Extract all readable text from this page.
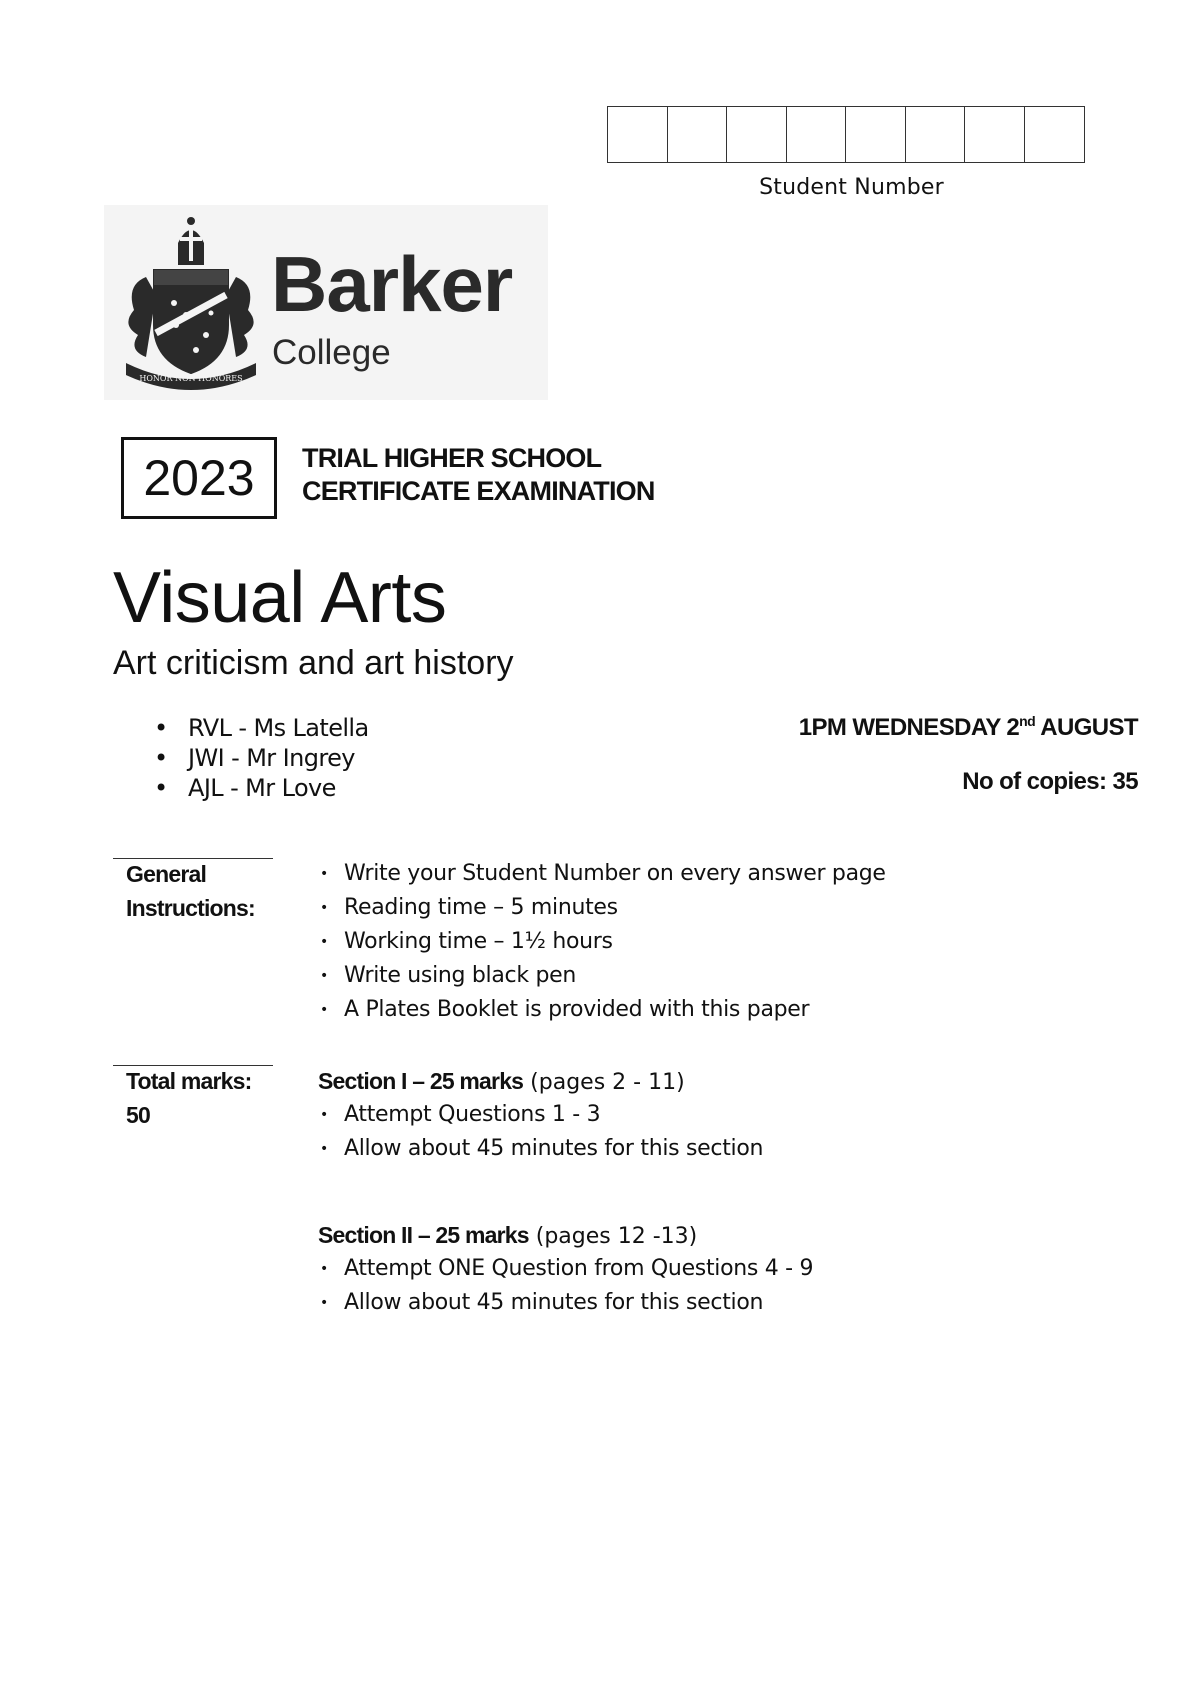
Student Number
HONOR NON HONORES
Barker
College
2023	TRIAL HIGHER SCHOOL
CERTIFICATE EXAMINATION
Visual Arts
Art criticism and art history
• RVL - Ms Latella
• JWI - Mr Ingrey
• AJL - Mr Love
1PM WEDNESDAY 2nd AUGUST
No of copies: 35
General
Instructions:
• Write your Student Number on every answer page
• Reading time – 5 minutes
• Working time – 1½ hours
• Write using black pen
• A Plates Booklet is provided with this paper
Total marks:
50
Section I – 25 marks (pages 2 - 11)
• Attempt Questions 1 - 3
• Allow about 45 minutes for this section
Section II – 25 marks (pages 12 -13)
• Attempt ONE Question from Questions 4 - 9
• Allow about 45 minutes for this section
